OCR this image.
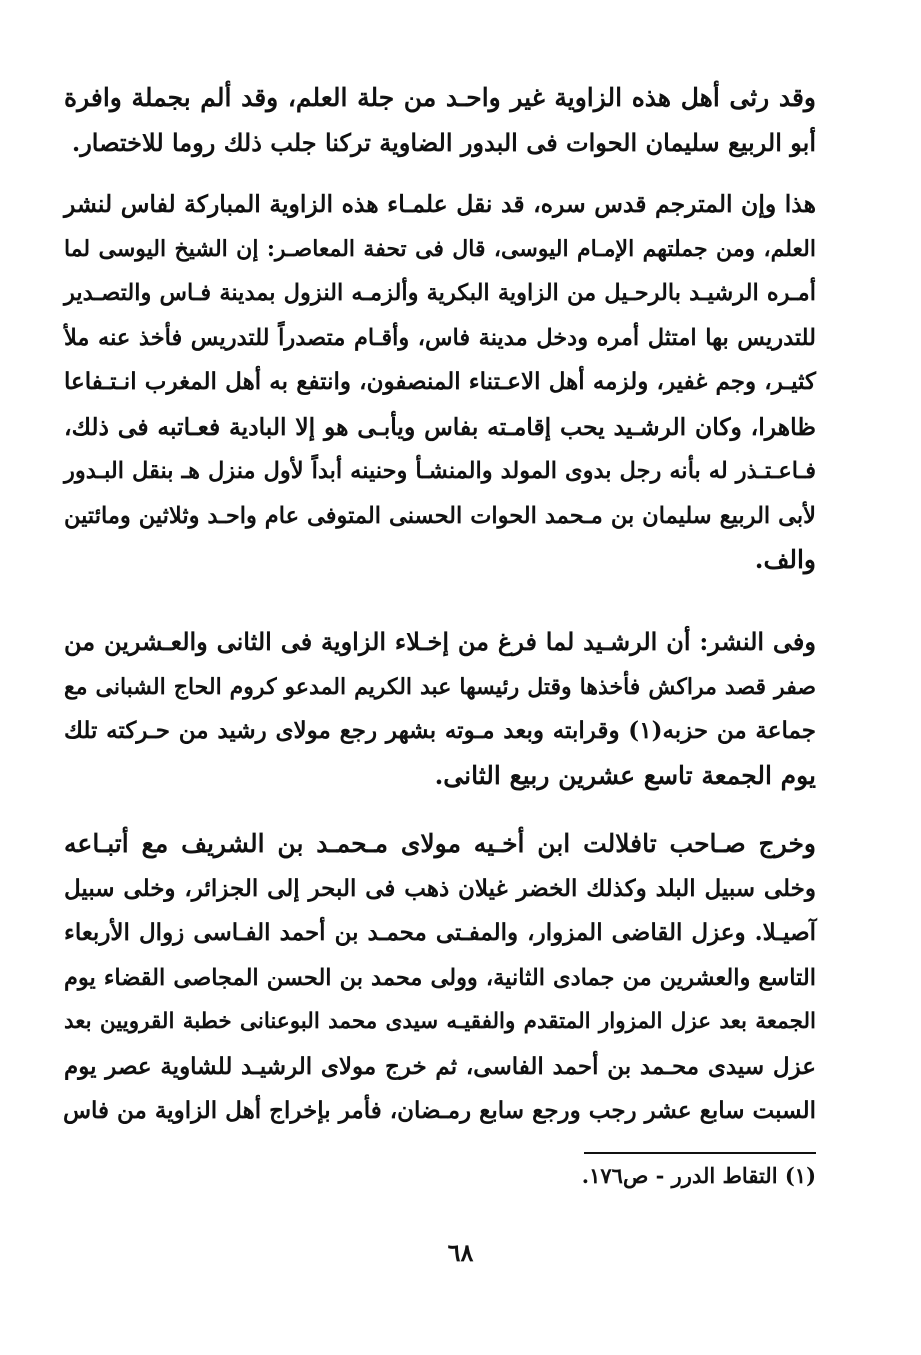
وقد رثى أهل هذه الزاوية غير واحـد من جلة العلم، وقد ألم بجملة وافرة
أبو الربيع سليمان الحوات فى البدور الضاوية تركنا جلب ذلك روما للاختصار.

هذا وإن المترجم قدس سره، قد نقل علمـاء هذه الزاوية المباركة لفاس لنشر
العلم، ومن جملتهم الإمـام اليوسى، قال فى تحفة المعاصـر: إن الشيخ اليوسى لما
أمـره الرشيـد بالرحـيل من الزاوية البكرية وألزمـه النزول بمدينة فـاس والتصـدير
للتدريس بها امتثل أمره ودخل مدينة فاس، وأقـام متصدراً للتدريس فأخذ عنه ملأ
كثيـر، وجم غفير، ولزمه أهل الاعـتناء المنصفون، وانتفع به أهل المغرب انـتـفاعا
ظاهرا، وكان الرشـيد يحب إقامـته بفاس ويأبـى هو إلا البادية فعـاتبه فى ذلك،
فـاعـتـذر له بأنه رجل بدوى المولد والمنشـأ وحنينه أبداً لأول منزل هـ بنقل البـدور
لأبى الربيع سليمان بن مـحمد الحوات الحسنى المتوفى عام واحـد وثلاثين ومائتين
والف.

وفى النشر: أن الرشـيد لما فرغ من إخـلاء الزاوية فى الثانى والعـشرين من
صفر قصد مراكش فأخذها وقتل رئيسها عبد الكريم المدعو كروم الحاج الشبانى مع
جماعة من حزبه(١) وقرابته وبعد مـوته بشهر رجع مولاى رشيد من حـركته تلك
يوم الجمعة تاسع عشرين ربيع الثانى.

وخرج صـاحب تافلالت ابن أخـيه مولاى مـحمـد بن الشريف مع أتبـاعه
وخلى سبيل البلد وكذلك الخضر غيلان ذهب فى البحر إلى الجزائر، وخلى سبيل
آصيـلا. وعزل القاضى المزوار، والمفـتى محمـد بن أحمد الفـاسى زوال الأربعاء
التاسع والعشرين من جمادى الثانية، وولى محمد بن الحسن المجاصى القضاء يوم
الجمعة بعد عزل المزوار المتقدم والفقيـه سيدى محمد البوعنانى خطبة القرويين بعد
عزل سيدى محـمد بن أحمد الفاسى، ثم خرج مولاى الرشيـد للشاوية عصر يوم
السبت سابع عشر رجب ورجع سابع رمـضان، فأمر بإخراج أهل الزاوية من فاس

(١) التقاط الدرر - ص١٧٦.
٦٨
